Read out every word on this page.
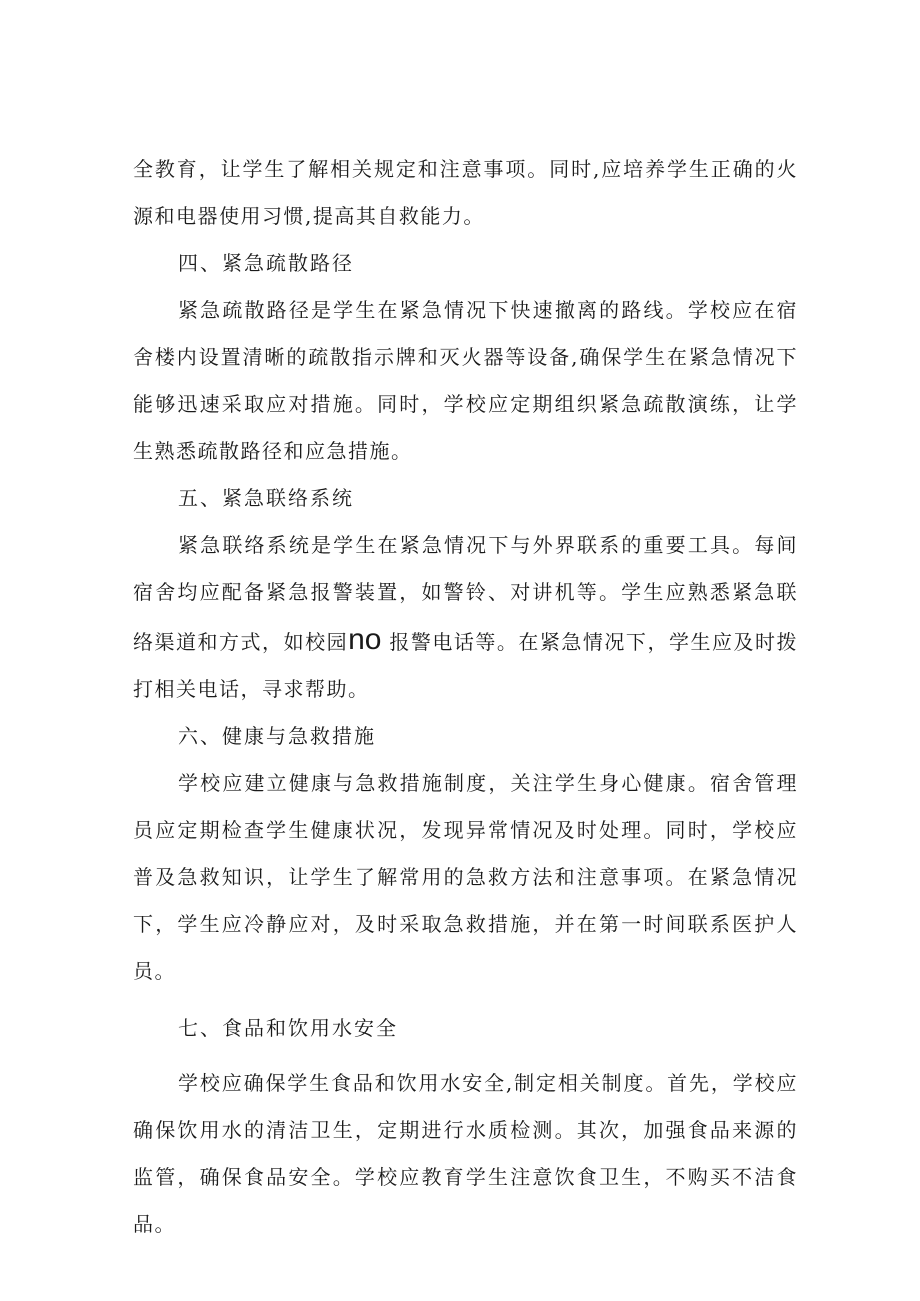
全教育，让学生了解相关规定和注意事项。同时,应培养学生正确的火源和电器使用习惯,提高其自救能力。

四、紧急疏散路径

紧急疏散路径是学生在紧急情况下快速撤离的路线。学校应在宿舍楼内设置清晰的疏散指示牌和灭火器等设备,确保学生在紧急情况下能够迅速采取应对措施。同时，学校应定期组织紧急疏散演练，让学生熟悉疏散路径和应急措施。

五、紧急联络系统

紧急联络系统是学生在紧急情况下与外界联系的重要工具。每间宿舍均应配备紧急报警装置，如警铃、对讲机等。学生应熟悉紧急联络渠道和方式，如校园no 报警电话等。在紧急情况下，学生应及时拨打相关电话，寻求帮助。

六、健康与急救措施

学校应建立健康与急救措施制度，关注学生身心健康。宿舍管理员应定期检查学生健康状况，发现异常情况及时处理。同时，学校应普及急救知识，让学生了解常用的急救方法和注意事项。在紧急情况下，学生应冷静应对，及时采取急救措施，并在第一时间联系医护人员。

七、食品和饮用水安全

学校应确保学生食品和饮用水安全,制定相关制度。首先，学校应确保饮用水的清洁卫生，定期进行水质检测。其次，加强食品来源的监管，确保食品安全。学校应教育学生注意饮食卫生，不购买不洁食品。
